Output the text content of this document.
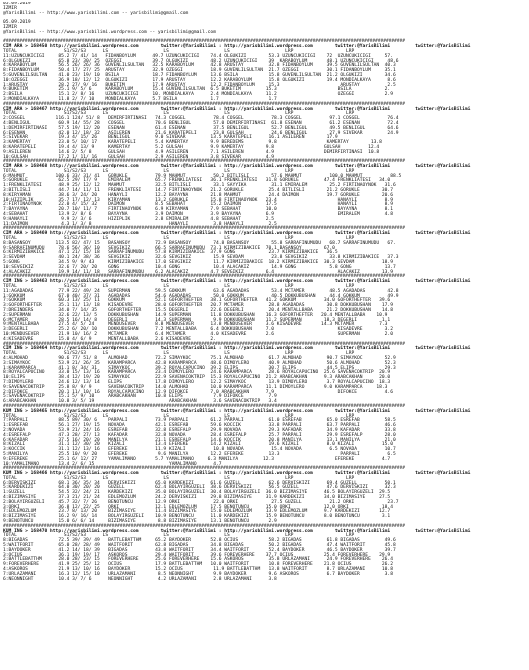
05.09.2019
IZMIR
@YarisBilimi -- http://www.yarisbilimi.com -- yarisbilimi@gmail.com
05.09.2019
IZMIR
@YarisBilimi -- http://www.yarisbilimi.wordpress.com -- yarisbilimi@gmail.com
####################################################################################################################################################
CIM ARA > 168450 http://yarisbilimi.wordpress.com        twitter:@YarisBilimi : http://yarisbilimi.wordpress.com        twitter:@YarisBilimi         twitter:@YarisBilimi
TOTAL                 S1/S2/S3      LS                    LS                    LS                    LRP                   LRP
11:UZUNCUKICIGI     85.2 7/ 41/ 14   FIDANBOYLUM      49.7 UZUNCUKICIGI    74.4 OLGUKIZI        53.3 UZUNCUKICIGI    72  UZUNCUKICIGI     57.
6:OLGUKIZI          65.8 23/ 30/ 25  OZEGGI           39.7 OLGUKIZI        48.2 UZUNCUKICIGI    39  KARABOYLUM       48.1 UZUNCUKICIGI     48.6
4:KARABOYLUM        56.5 26/ 26/ 36  GUVENLILSULTAN   32.5 KARABOYLUM      42.8 ARUSTAY         32.8 FIDANBOYLUM     39.5 GUVENLILSULTAN  40.3
8:FIDANBOYLUM       50.4 17/ 27/ 25  ARUSTAY          32.9 OZEGGI          18.9 GUVENLILSULTAN  21.7 OZEGGI          30.1 FIDANBOYLUM     35.1
5:GUVENLILSULTAN    41.0 23/ 19/ 10  BSILA            18.7 FIDANBOYLUM     13.6 BSILA           15.8 GUVENLILSULTAN  21.2 OLGUKIZI        34.6
10:OZEGGI           36.9 18/ 12/ 12  OLGUKIZI         17.9 ARUSTAY         12.2 KARABOYLUM      15.8 OLGUKIZI        19.4 MONDIALKAYA      8.6
1:ARUSTAY           28.2 27/ 9/ 16   BUKETIM          17.9 ARUSTAY         12.2 FIDANBOYLUM     15.3                      ARUSTAY          2.5
9:BUKETIM           25.1 9/ 5/ 6     KARABOYLUM       15.4 GUVENLILSULTAN  6.5 BUKETIM         15.3                      BSILA            2.
2:BSILA             15.1 2/ 8/ 16    UZUNCUKICIGI     10. MONDIALKAYA      2.4 MONDIALKAYA     11.2                      OZEGGI           2.9
3:MONDIALKAYA       11.8 2/ 7/ 10    MONDIALKAYA      5.7 BSILA            1.7                  1.7
####################################################################################################################################################
CIM ARA > 168467 http://yarisbilimi.wordpress.com        twitter:@YarisBilimi : http://yarisbilimi.wordpress.com        twitter:@YarisBilimi         twitter:@YarisBilimi
TOTAL                 S1/S2/S3      LS                    LS                    LS                    LRP                   LRP
2:COSGEL           116.1 124/ 51/ 8   DEMIRFIRTINASI   74.3 COSGEL          78.4 COSGEL          78.3 COSGEL          97.1 COSGEL          76.4
4:BENLIGUL          60.9 14/ 55/ 28   COSGEL           70.6 BENLIGUL        57.0 DEMIRFIRTINASI  61.8 ESENAN          61.2 ESENAN          72.4
1:DEMIRFIRTINASI    57.5 19/ 12/ 20   ESENAN           61.4 ESENAN          37.5 BENLIGUL        52.7 BENLIGUL        49.5 BENLIGUL        64.6
6:ESENAN            42.0 12/ 18/ 32   ASILEREN         21.6 KARATEPELI      23.8 GULSAH          24.6 BENLIGUL        27.9 SIVEKAR         24.9
5:SIVEKAR           19.3 4/ 15/ 26    BENLIGUL         9.0 SIVEKAR         13.5 KARATEPELI      16.1 ASILEREN        17.9
3:KAMERTAY          23.0 5/ 10/ 17    KARATEPELI       5.4 KAMERTAY        9.9 BEREDEMS         9.8                  KAMERTAY        13.8
8:KARATEPELI        19.4 4/ 13/ 9     KAMERTAY         5.2 GULSAH          9.9 KAMERTAY        9.8                  GULSAH          12.4
9:ASILEREN          14.6 2/ 5/ 8      GULSAH           4.9 ASILEREN        7.1 ASILEREN        4.9                  DEMIRFIRTINASI  10.8
10:GULSAH           17.2 1/ 11/ 16    GULSAH           2.9 ASILEREN        3.8 SIVEKAR         4.9
####################################################################################################################################################
CIM ARA > 168468 http://yarisbilimi.wordpress.com        twitter:@YarisBilimi : http://yarisbilimi.wordpress.com        twitter:@YarisBilimi         twitter:@YarisBilimi
TOTAL                 S1/S2/S3      LS                    LS                    LS                    LRP                   LRP
6:MAHMUT           100.6 33/ 31/ 41   GORUKLE          79.9 MAHMUT          50.2 BITLISLI        57.6 MAHMUT          100.0 MAHMUT          88.5
5:GORUKLE           62.5 29/ 17/ 9    EMIRALEM         65.7 FRENKLIATESI   36.1 FRENKLIATESI   31.8 GORUKLE         47.4 FRENKLIATESI   34.0
1:FRENKLIATESI      48.9 25/ 12/ 12   MAHMUT           32.5 BITLISLI        33.1 SAYYIKA         31.1 EMIRALEM        25.2 FIRTINAOYNOK   31.6
3:BITLISLI          44.7 14/ 11/ 11   FRENKLIATESI     14.7 FIRTINAOYNOK   21.2 GORUKLE         25.4 BITLISLI        21.2 GORUKLE        30.7
8:KIRYAMAN          38.6 3/ 24/ 20    HANAYLI          12.2 BAYAYNA        21.8 MAHMUT          24.4 DAIMON          19.7 GORUKLE        20.6
10:HIZIPLIK         35.7 17/ 12/ 13   KIRYAMAN         13.2 GORUKLE        15.8 FIRTINAOYNOK   23.4                      HANAYLI          8.9
2:FIRTINAOYNOK      22.0 4/ 15/ 32    DAIMON           8.5 SEBAHAT         15.2 DAIMON         17.5                      HANAYLI          8.9
7:BAYAYNA           20.7 10/ 11/ 7    FIRTINAOYNOK     6.9 KIRYAMAN        7.9 SEBAHAT         10.0                      BAYAYNA          8.1
4:SEBAHAT           13.9 2/ 8/ 6      BAYAYNA          3.9 DAIMON          3.9 BAYAYNA         6.9                       EMIRALEM         4.8
9:HANAYLI            9.9 2/ 3/ 6      HIZIPLIK         2.8 EMIRALEM        4.8 SEBAHAT         2.5
11:DAIMON            4.3 1/ 3/ 8                            HANAYLI         3.8 HANAYLI         2.5
####################################################################################################################################################
CIM ARA > 168469 http://yarisbilimi.wordpress.com        twitter:@YarisBilimi : http://yarisbilimi.wordpress.com        twitter:@YarisBilimi         twitter:@YarisBilimi
TOTAL                 S1/S2/S3      LS                    LS                    LS                    LRP                   LRP
8:BASANSOY         113.5 82/ 47/ 15   BASANSOY         72.9 BASANSOY        74.8 BASANSOY        55.8 SARRAFINUMUDU   68.7 SARRAFINUMUDU   67.
9:SARRAFINUMUDU     78.6 56/ 36/ 10   SEVGIKIZ         66.5 SARRAFINUMUDU  73.1 KIRMIZIBAKICE  70.1 BASANSOY        67.0
6:KIRMIZIBAKICE     47.1 21/ 15/ 18   SARRAFINUMUDU    57.8 KIRMIZIBAKICE  37.9 GONG            23.7 KIRMIZIBAKICE   36.5
3:SEVDAM            40.1 24/ 38/ 36   SEVGIKIZ         32.6 SEVGIKIZ        15.9 SEVDAM          23.8 SEVGIKIZ        33.8 KIRMIZIBAKICE   37.3
5:GONG              34.5 9/ 9/ 43     KIRMIZIBAKICE    17.0 SEVGIKIZ        11.7 KIRMIZIBAKICE  18.2 KIRMIZIBAKICE  30.3 SEVDAM          18.9
10:SEVGIKIZ         32.6 7/ 20/ 20    GONG             10.4 GONG            10.4 ALACAKIZ        14.9 GONG            5.8 GONG            13.7
4:ALACAKIZ          19.9 14/ 11/ 18   SARRAFINUMUDU    6.2 ALACAKIZ        4.7 SEVGIKIZ        6.4                       ALACAKIZ        13.9
####################################################################################################################################################
CIM ING > 168463 http://yarisbilimi.wordpress.com        twitter:@YarisBilimi : http://yarisbilimi.wordpress.com        twitter:@YarisBilimi         twitter:@YarisBilimi
TOTAL                 S1/S2/S3      LS                    LS                    LS                    LRP                   LRP
11:AGADADAS         77.9 22/ 49/ 24   SUPERMAN         59.5 GOKKUM          63.6 AGADADAS        53.4 MCTAMER         48.5 AGADADAS        42.8
1:GOKKUM            67.0 40/ 37/ 31   AGADADAS         54.6 AGADADAS        50.0 GOKKUM          40.5 DOKKUBUSHAN     44.4 GOKKUM          49.9
7:GOKKUM            60.3 13/ 25/ 11   GOKKUM           52.1 GOFORTHEFTER   38.1 GOFORTHEFTER   41.2 GOKKUM          34.0 GOFORTHEFTER   39.6
3:GOFORTHEFTER      35.1 11/ 13/ 18   KISADEVRE        28.0 GOFORTHEFTER   20.7 MCTAMER         28.8 AGADADAS        30.8 DOKKUBUSHAN    17.9
7:DREINDERS         34.0 7/ 14/ 35    GOFORTHEFTER     15.5 DEGERLI        22.6 DEGERLI         20.4 MENTALLBABA     21.2 DOKKUBUSHAN    14.8
2:SUPERMAN          32.6 22/ 13/ 5    DOKKUBUSHAN      14.9 SUPERMAN       11.8 DOKKUBUSHAN    16.3 GOFORTHEFTER   20.4 MENTALLBABA    10.9
6:MCTAMER           28.5 16/ 14/ 8    DEGERLI          14.3 SUPERMAN        9.9 DOKKUBUSHAN    11.2 SUPERMAN        18.3 DEGERLI         1.1
9:MENTALLBABA       27.5 4/ 5/ 24     MENDUSEVER       8.8 MENDUSEVER      13.8 MENDUSEVER     3.6 KISADEVRE       14.3 MCTAMER         7.3
3:DEGERLI           25.2 6/ 20/ 10    DOKKUBUSHAN      7.2 MENTALLBABA     6.4 DOKKUBUSHAN     7.0                       KISADEVRE        3.2
10:MENDUSEVER       21.9 10/ 16/ 2    MCTAMER          6.4 MCTAMER         4.0 KISADEVRE       2.6                       SUPERMAN         2.0
4:KISADEVRE         15.0 4/ 6/ 9      MENTALLBABA      2.6 KISADEVRE       2.
####################################################################################################################################################
CIM ING > 168464 http://yarisbilimi.wordpress.com        twitter:@YarisBilimi : http://yarisbilimi.wordpress.com        twitter:@YarisBilimi         twitter:@YarisBilimi
TOTAL                 S1/S2/S3      LS                    LS                    LS                    LRP                   LRP
4:ALMOHAD           90.6 77/ 51/ 8    ALMOHAD          72.2 SIMAYKOC       75.1 ALMOHAD         61.7 ALMOHAD         90.7 SIMAYKOC        52.9
3:SIMAYKOC          53.9 21/ 26/ 35   KARAMPARCA       42.8 KARAMPARCA     48.6 DIMOYLERO       40.9 ALMOHAD         50.6 ALMOHAD         52.3
1:KARAMPARCA        41.1 8/ 34/ 31    SIMAYKOC         39.2 ROYALCAPUCINO  39.2 ELIPS           30.7 ELIPS           44.5 ELIPS           29.3
8:ROYALCAPUCINO     33.0 15/ 13/ 16   KARAMPARCA       23.4 DIMOYLERO      24.6 KARAMPARCA      28.6 ROYALCAPUCINO  25.6 SAVENACOKTRIP  20.9
10:ELIPS            38.4 12/ 19/ 20   SIMAYKOC         22.9 SAVENACOKTRIP  15.3 ROYALCAPUCINO  21.2 ARABCAKHAN      9.3 ARABCAKHAN      20.0
7:DIMOYLERO         24.6 12/ 13/ 14   ELIPS            17.8 DIMOYLERO      12.2 SIMAYKOC        13.9 DIMOYLERO       3.7 ROYALCAPUCINO  18.3
9:SAVENACOKTRIP     25.8 8/ 9/ 9      SAVENACOKTRIP    14.0 ALMOHAD        10.0 KARAMPARCA     11.1 DIMOYLERO       9.0 KARAMPARCA     18.3
2:DIFOKCE           20.1 11/ 10/ 16   ROYALCAPUCINO    12.9 DIFOKCE        7.0 ARABCAKHAN      7.9                       DIFOKCE          4.6
5:SAVENACOKTRIP     15.1 5/ 9/ 10     ARABCAKHAN       10.8 ELIPS           7.9 DIFOKCE         7.9
6:ARABCAKHAN        10.8 3/ 5/ 19                           ARABCAKHAN      3.6 SAVENACOKTRIP   3.4
####################################################################################################################################################
KUM ING > 168465 http://yarisbilimi.wordpress.com        twitter:@YarisBilimi : http://yarisbilimi.wordpress.com        twitter:@YarisBilimi         twitter:@YarisBilimi
TOTAL                 S1/S2/S3      LS                    LS                    LS                    LRP                   LRP
7:PARPALI           88.5 89/ 30/ 6    PARPALI          73.9 PARPALI        61.2 PARPALI         61.0 ESREFAB         65.0 ESREFAB         58.5
1:ESREFAB           56.1 27/ 19/ 15   NOVADA           42.1 ESREFAB        59.6 KOCCIK          33.8 PARPALI         63.7 PARPALI         46.6
2:NOVADA            53.9 21/ 24/ 16   ESREFAB          32.8 ESREFALP       29.9 NOVADA          29.3 KAFADAR         34.9 KAFADAR         33.8
4:ESREFALP          47.3 28/ 27/ 13   KAFADAR          32.8 NOVADA         28.4 ESREFALP        25.7 PARPALI         29.9 ESREFALP        28.0
6:KAFADAR           37.5 16/ 20/ 20   MANILYA          21.1 ESREFALP       14.6 KOCCIK          20.8 MANILYA         13.1 MANILYA         21.0
8:KIZALI            31.1 12/ 30/ 20   KIZALI           13.4 EFEREKE        14.2 KIZALI          19.6 KIZALI          8.0 KIZALI          15.0
3:KOCCIK            31.1 12/ 13/ 16   EFEREKE          11.9 KIZALI          10.8 NOVADA          15.4 NOVADA          6.5 NOVADA          10.7
5:MANILYA           25.5 10/ 9/ 20    EFEREKE           9.6 MANILYA        12.2 EFEREKE         13.3                      PARPALI          6.5
9:EFEREKE           25.1 6/ 12/ 27    YAMALIMANO       5.7 YAMALIMANO     6.3 MANILYA         12.3                      EFEREKE          4.7
10:YAMALIMANO       13.4 2/ 6/ 15                           YAMALIMANO      4.7
####################################################################################################################################################
KUM ING > 168466 http://yarisbilimi.wordpress.com        twitter:@YarisBilimi : http://yarisbilimi.wordpress.com        twitter:@YarisBilimi         twitter:@YarisBilimi
TOTAL                 S1/S2/S3      LS                    LS                    LS                    LRP                   LRP
6:DERVISKIZI        68.1 36/ 35/ 34   DERVISKIZI       65.0 KARDEKIZI      61.6 GUZELL          62.6 DERVISKIZI      69.4 GUZELL          50.1
5:KARDEKIZI         64.0 30/ 20/ 20   GUZELL           62.4 BOLAYIRGUZELI  38.6 DERVISKIZI      56.5 GUZELL          47.6 DERVISKIZI      32.3
1:GUZELL            54.5 32/ 24/ 21   KARDEKIZI        35.0 BOLAYIRGUZELI  30.4 BOLAYIRGUZELI  36.0 BIZIMASIYE      46.5 BOLAYIRGUZELI  29.5
4:BIZIMASIYE        37.3 21/ 21/ 24   EDLEMOZLUM       24.2 DERVISKIZI     29.8 BIZIMASIYE     31.9 KARDEKIZI       34.0 BIZIMASIYE     27.5
2:BOLAYIRGUZELI     45.7 32/ 7/ 26    BENOTUNCU        12.9 ORKI            22.0 ORKI            27.5 GUZELL          21.2 ORKI            23.7
3:ORKI              36.8 12/ 22/ 25   ORKI             12.1 EDLEMOZLUM     17.5 BENOTUNCU      15.0 ORKI            12.0 ORKI            18.4
7:EDLEMOZLUM        23.7 8/ 13/ 20    BIZIMASIYE       11.4 BIZIMASIYE     15.0 EDLEMOZLUM     13.9 EDLEMOZLUM      9.7 KARDEKIZI       12.7
8:BIZIMASIYE        16.2 9/ 16/ 14    BOLAYIRGUZELI    10.9 BENOTUNCU      11.0 KARDEKIZI      15.9 BENOTUNCU       8.0 BENOTUNCU        3.1
9:BENOTUNCU         15.0 6/ 6/ 14     BIZIMASIYE        8.8 BIZIMASIYE     13.1 BENOTUNCU       2.9
####################################################################################################################################################
KUM ING > 168470 http://yarisbilimi.wordpress.com        twitter:@YarisBilimi : http://yarisbilimi.wordpress.com        twitter:@YarisBilimi         twitter:@YarisBilimi
TOTAL                 S1/S2/S3      LS                    LS                    LS                    LRP                   LRP
8:BIGADAS           72.5 39/ 39/ 49   BATTLEBATTHM     65.2 BAYDOKER       52.8 OCIUS           58.2 BIGADAS         61.8 BIGADAS         49.6
5:WAITFORIT         65.0 28/ 28/ 49   WAITFORIT        62.8 BIGADAS        34.8 BIGADAS         50.2 BIGADAS         47.4 WAITFORIT       45.8
1:BAYDOKER          41.2 14/ 18/ 39   BIGADAS          43.8 WAITFORIT      34.4 WAITFORIT       52.4 BAYDOKER        46.5 BAYDOKER        39.7
3:OCIUS             36.1 19/ 19/ 17   ASKOROS          29.4 WAITFORIT      39.6 FOREVERHERE    37.7 OCIUS           25.4 FOREVERHERE    29.9
2:BATTLEBATTHM      28.0 28/ 23/ 15   FOREVERHERE      25.6 FOREVERHERE    15.6 ASKOROS         35.8 URLAZAMANI      24.9 FOREVERHERE    26.4
9:FOREVERHERE       41.9 25/ 25/ 12   OCIUS            17.9 BATTLEBATTHM   10.0 WAITFORIT       10.8 FOREVERHERE    21.8 OCIUS           26.2
4:ASKOROS           21.9 13/ 10/ 16   BAYDOKER         15.2 OCIUS           11.9 BATTLEBATTHM   13.8 WAITFORIT       8.7 URLAZAMANI      10.8
7:URLAZAMANI        16.3 12/ 15/ 10   URLAZAMANI        8.5 NEONNIGHT       9.9 BAYDOKER        9.6 ASKOROS          6.7 BAYDOKER         3.8
6:NEONNIGHT         10.4 3/ 7/ 6      NEONNIGHT         4.2 URLAZAMANI      2.8 URLAZAMANI      3.8
